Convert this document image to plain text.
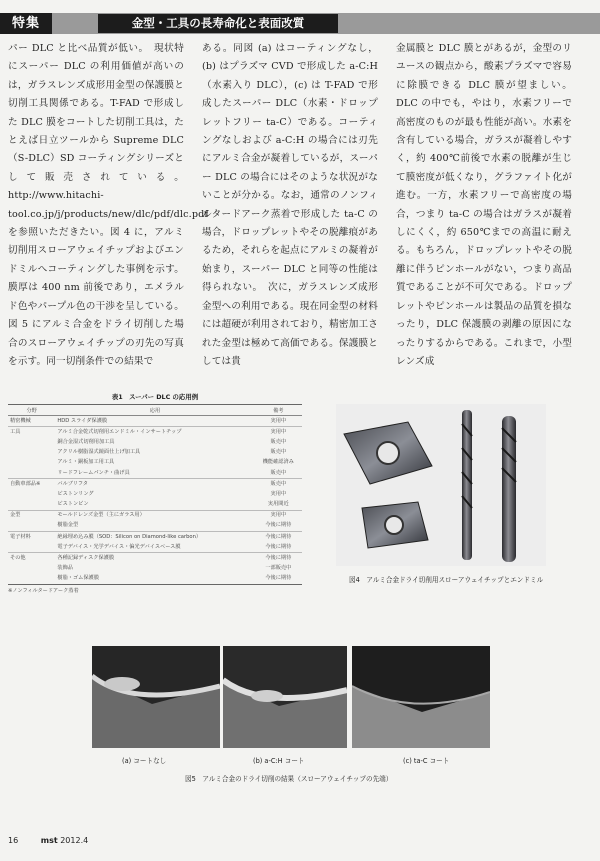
特集	金型・工具の長寿命化と表面改質

パー DLC と比べ品質が低い。　現状特にスーパー DLC の利用価値が高いのは，ガラスレンズ成形用金型の保護膜と切削工具関係である。T-FAD で形成した DLC 膜をコートした切削工具は，たとえば日立ツールから Supreme DLC（S-DLC）SD コーティングシリーズとして販売されている。http://www.hitachi-tool.co.jp/j/products/new/dlc/pdf/dlc.pdf を参照いただきたい。図 4 に，アルミ切削用スローアウェイチップおよびエンドミルへコーティングした事例を示す。膜厚は 400 nm 前後であり，エメラルド色やパープル色の干渉を呈している。図 5 にアルミ合金をドライ切削した場合のスローアウェイチップの刃先の写真を示す。同一切削条件での結果で

ある。同図 (a) はコーティングなし，(b) はプラズマ CVD で形成した a-C:H（水素入り DLC），(c) は T-FAD で形成したスーパー DLC（水素・ドロップレットフリー ta-C）である。コーティングなしおよび a-C:H の場合には刃先にアルミ合金が凝着しているが，スーパー DLC の場合にはそのような状況がないことが分かる。なお，通常のノンフィルタードアーク蒸着で形成した ta-C の場合，ドロップレットやその脱離痕があるため，それらを起点にアルミの凝着が始まり，スーパー DLC と同等の性能は得られない。　次に，ガラスレンズ成形金型への利用である。現在同金型の材料には超硬が利用されており，精密加工された金型は極めて高価である。保護膜としては貴

金属膜と DLC 膜とがあるが，金型のリユースの観点から，酸素プラズマで容易に除膜できる DLC 膜が望ましい。DLC の中でも，やはり，水素フリーで高密度のものが最も性能が高い。水素を含有している場合，ガラスが凝着しやすく，約 400℃前後で水素の脱離が生じて膜密度が低くなり，グラファイト化が進む。一方，水素フリーで高密度の場合，つまり ta-C の場合はガラスが凝着しにくく，約 650℃までの高温に耐える。もちろん，ドロップレットやその脱離に伴うピンホールがない，つまり高品質であることが不可欠である。ドロップレットやピンホールは製品の品質を損なったり，DLC 保護膜の剥離の原因になったりするからである。これまで，小型レンズ成

表1　スーパー DLC の応用例
分野	応用	備考
精密機械	HDD スライダ保護膜	実用中
工具	アルミ合金乾式切削用エンドミル・インサートチップ	実用中
	銅合金湿式切削用加工具	販売中
	アクリル樹脂湿式鏡面仕上げ加工具	販売中
	アルミ・銅板加工用工具	機能確認済み
	リードフレームパンチ・曲げ具	販売中
自動車部品※	バルブリフタ	販売中
	ピストンリング	実用中
	ピストンピン	実用間近
金型	モールドレンズ金型（主にガラス用）	実用中
	樹脂金型	今後に期待
電子材料	絶縁埋め込み膜（SOD：Silicon on Diamond-like carbon）	今後に期待
	電子デバイス・光学デバイス・偏光デバイスベース膜	今後に期待
その他	各種記録ディスク保護膜	今後に期待
	装飾品	一部販売中
	樹脂・ゴム保護膜	今後に期待
※ノンフィルタードアーク蒸着
図4　アルミ合金ドライ切削用スローアウェイチップとエンドミル
(a) コートなし	(b) a-C:H コート	(c) ta-C コート
図5　アルミ合金のドライ切削の結果（スローアウェイチップの先端）
16	mst 2012.4
